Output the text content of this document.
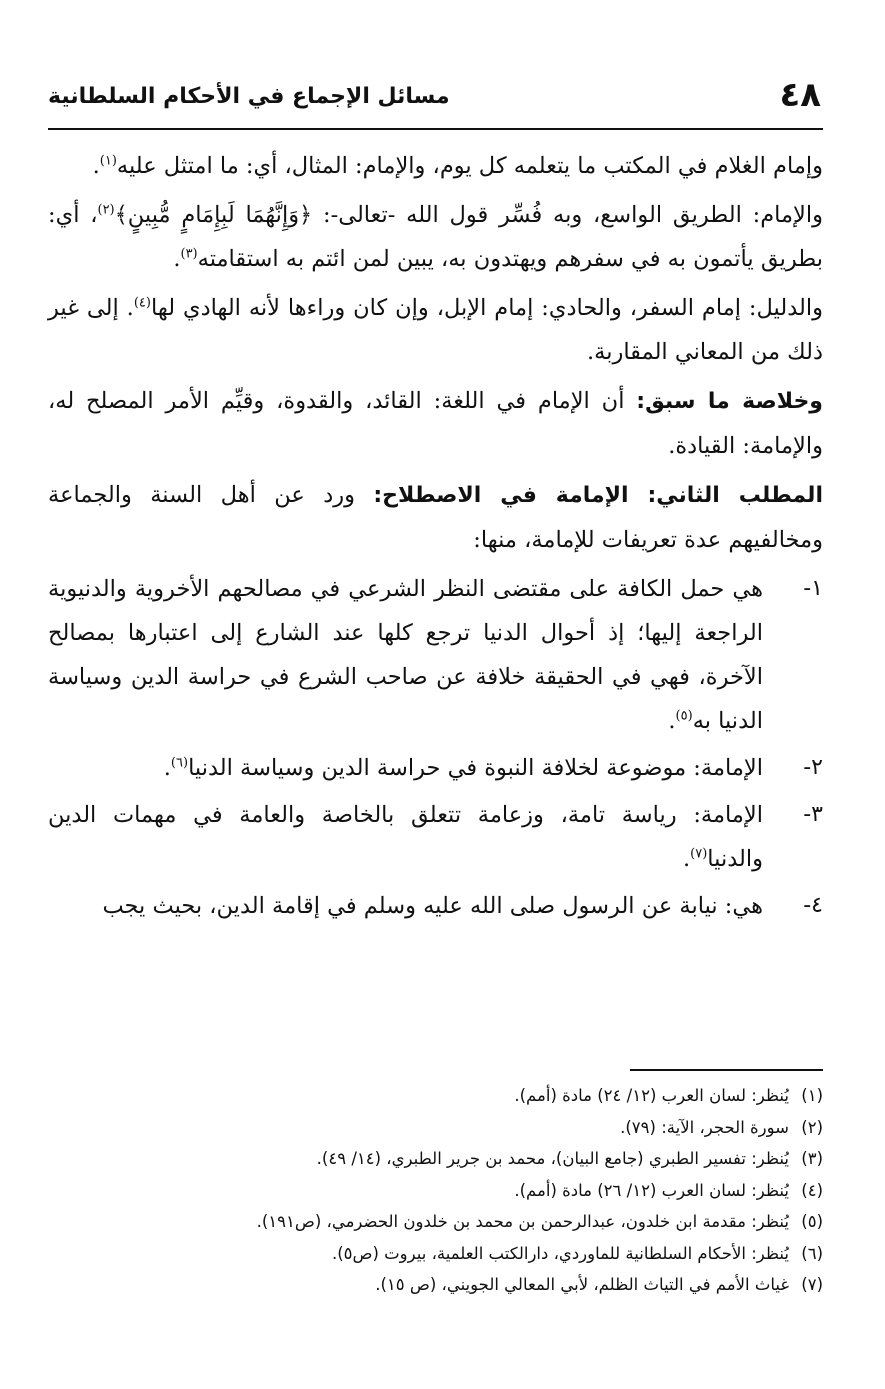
٤٨
مسائل الإجماع في الأحكام السلطانية

وإمام الغلام في المكتب ما يتعلمه كل يوم، والإمام: المثال، أي: ما امتثل عليه$^{(١)}$.

والإمام: الطريق الواسع، وبه فُسِّر قول الله -تعالى-: ﴿وَإِنَّهُمَا لَبِإِمَامٍ مُّبِينٍ﴾$^{(٢)}$، أي: بطريق يأتمون به في سفرهم ويهتدون به، يبين لمن ائتم به استقامته$^{(٣)}$.

والدليل: إمام السفر، والحادي: إمام الإبل، وإن كان وراءها لأنه الهادي لها$^{(٤)}$. إلى غير ذلك من المعاني المقاربة.

وخلاصة ما سبق: أن الإمام في اللغة: القائد، والقدوة، وقيِّم الأمر المصلح له، والإمامة: القيادة.

المطلب الثاني: الإمامة في الاصطلاح: ورد عن أهل السنة والجماعة ومخالفيهم عدة تعريفات للإمامة، منها:

١-
هي حمل الكافة على مقتضى النظر الشرعي في مصالحهم الأخروية والدنيوية الراجعة إليها؛ إذ أحوال الدنيا ترجع كلها عند الشارع إلى اعتبارها بمصالح الآخرة، فهي في الحقيقة خلافة عن صاحب الشرع في حراسة الدين وسياسة الدنيا به$^{(٥)}$.
٢-
الإمامة: موضوعة لخلافة النبوة في حراسة الدين وسياسة الدنيا$^{(٦)}$.
٣-
الإمامة: رياسة تامة، وزعامة تتعلق بالخاصة والعامة في مهمات الدين والدنيا$^{(٧)}$.
٤-
هي: نيابة عن الرسول صلى الله عليه وسلم في إقامة الدين، بحيث يجب
(١)يُنظر: لسان العرب (١٢/ ٢٤) مادة (أمم).
(٢)سورة الحجر، الآية: (٧٩).
(٣)يُنظر: تفسير الطبري (جامع البيان)، محمد بن جرير الطبري، (١٤/ ٤٩).
(٤)يُنظر: لسان العرب (١٢/ ٢٦) مادة (أمم).
(٥)يُنظر: مقدمة ابن خلدون، عبدالرحمن بن محمد بن خلدون الحضرمي، (ص١٩١).
(٦)يُنظر: الأحكام السلطانية للماوردي، دارالكتب العلمية، بيروت (ص٥).
(٧)غياث الأمم في التياث الظلم، لأبي المعالي الجويني، (ص ١٥).
